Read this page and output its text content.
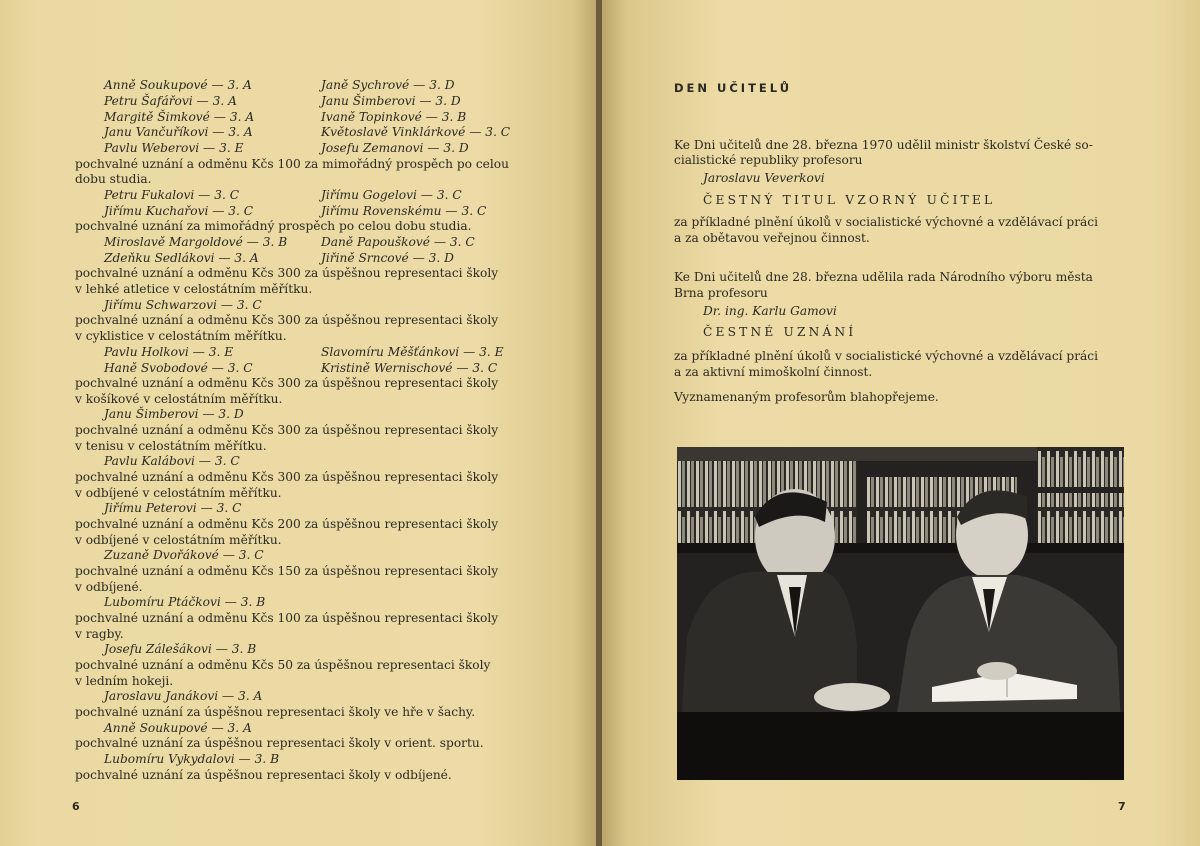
Anně Soukupové — 3. A	Janě Sychrové — 3. D
Petru Šafářovi — 3. A	Janu Šimberovi — 3. D
Margitě Šimkové — 3. A	Ivaně Topinkové — 3. B
Janu Vančuříkovi — 3. A	Květoslavě Vinklárkové — 3. C
Pavlu Weberovi — 3. E	Josefu Zemanovi — 3. D
pochvalné uznání a odměnu Kčs 100 za mimořádný prospěch po celou
dobu studia.
Petru Fukalovi — 3. C	Jiřímu Gogelovi — 3. C
Jiřímu Kuchařovi — 3. C	Jiřímu Rovenskému — 3. C
pochvalné uznání za mimořádný prospěch po celou dobu studia.
Miroslavě Margoldové — 3. B	Daně Papouškové — 3. C
Zdeňku Sedlákovi — 3. A	Jiřině Srncové — 3. D
pochvalné uznání a odměnu Kčs 300 za úspěšnou representaci školy
v lehké atletice v celostátním měřítku.
Jiřímu Schwarzovi — 3. C
pochvalné uznání a odměnu Kčs 300 za úspěšnou representaci školy
v cyklistice v celostátním měřítku.
Pavlu Holkovi — 3. E	Slavomíru Měšťánkovi — 3. E
Haně Svobodové — 3. C	Kristině Wernischové — 3. C
pochvalné uznání a odměnu Kčs 300 za úspěšnou representaci školy
v košíkové v celostátním měřítku.
Janu Šimberovi — 3. D
pochvalné uznání a odměnu Kčs 300 za úspěšnou representaci školy
v tenisu v celostátním měřítku.
Pavlu Kalábovi — 3. C
pochvalné uznání a odměnu Kčs 300 za úspěšnou representaci školy
v odbíjené v celostátním měřítku.
Jiřímu Peterovi — 3. C
pochvalné uznání a odměnu Kčs 200 za úspěšnou representaci školy
v odbíjené v celostátním měřítku.
Zuzaně Dvořákové — 3. C
pochvalné uznání a odměnu Kčs 150 za úspěšnou representaci školy
v odbíjené.
Lubomíru Ptáčkovi — 3. B
pochvalné uznání a odměnu Kčs 100 za úspěšnou representaci školy
v ragby.
Josefu Zálešákovi — 3. B
pochvalné uznání a odměnu Kčs 50 za úspěšnou representaci školy
v ledním hokeji.
Jaroslavu Janákovi — 3. A
pochvalné uznání za úspěšnou representaci školy ve hře v šachy.
Anně Soukupové — 3. A
pochvalné uznání za úspěšnou representaci školy v orient. sportu.
Lubomíru Vykydalovi — 3. B
pochvalné uznání za úspěšnou representaci školy v odbíjené.
6
DEN UČITELŮ
Ke Dni učitelů dne 28. března 1970 udělil ministr školství České so-
cialistické republiky profesoru
Jaroslavu Veverkovi
ČESTNÝ TITUL VZORNÝ UČITEL
za příkladné plnění úkolů v socialistické výchovné a vzdělávací práci
a za obětavou veřejnou činnost.
Ke Dni učitelů dne 28. března udělila rada Národního výboru města
Brna profesoru
Dr. ing. Karlu Gamovi
ČESTNÉ UZNÁNÍ
za příkladné plnění úkolů v socialistické výchovné a vzdělávací práci
a za aktivní mimoškolní činnost.
Vyznamenaným profesorům blahopřejeme.
7
